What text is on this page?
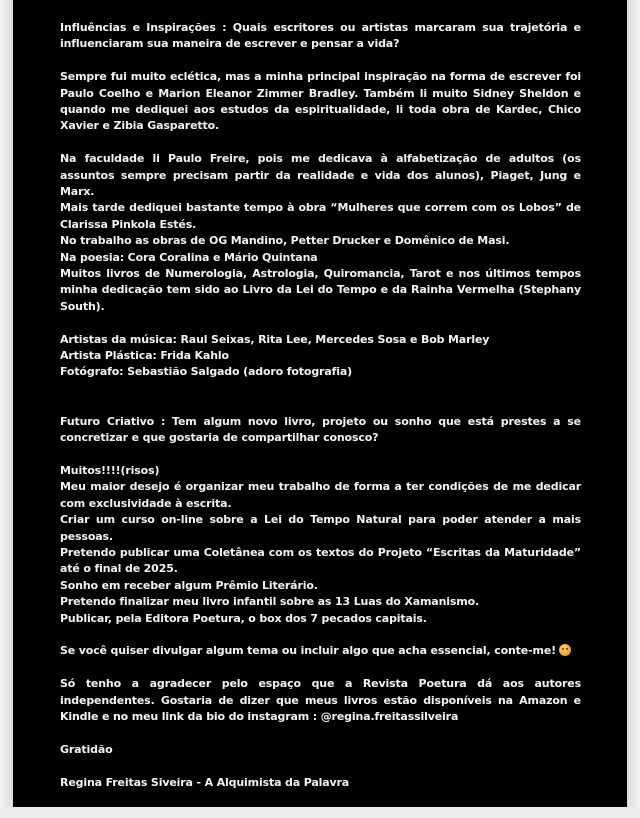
Influências e Inspirações : Quais escritores ou artistas marcaram sua trajetória e influenciaram sua maneira de escrever e pensar a vida?

Sempre fui muito eclética, mas a minha principal inspiração na forma de escrever foi Paulo Coelho e Marion Eleanor Zimmer Bradley. Também li muito Sidney Sheldon e quando me dediquei aos estudos da espiritualidade, li toda obra de Kardec, Chico Xavier e Zibia Gasparetto.

Na faculdade li Paulo Freire, pois me dedicava à alfabetização de adultos (os assuntos sempre precisam partir da realidade e vida dos alunos), Piaget, Jung e Marx.

Mais tarde dediquei bastante tempo à obra “Mulheres que correm com os Lobos” de Clarissa Pinkola Estés.

No trabalho as obras de OG Mandino, Petter Drucker e Domênico de Masi.

Na poesia: Cora Coralina e Mário Quintana

Muitos livros de Numerologia, Astrologia, Quiromancia, Tarot e nos últimos tempos minha dedicação tem sido ao Livro da Lei do Tempo e da Rainha Vermelha (Stephany South).

Artistas da música: Raul Seixas, Rita Lee, Mercedes Sosa e Bob Marley

Artista Plástica: Frida Kahlo

Fotógrafo: Sebastião Salgado (adoro fotografia)

Futuro Criativo : Tem algum novo livro, projeto ou sonho que está prestes a se concretizar e que gostaria de compartilhar conosco?

Muitos!!!!(risos)

Meu maior desejo é organizar meu trabalho de forma a ter condições de me dedicar com exclusividade à escrita.

Criar um curso on-line sobre a Lei do Tempo Natural para poder atender a mais pessoas.

Pretendo publicar uma Coletânea com os textos do Projeto “Escritas da Maturidade” até o final de 2025.

Sonho em receber algum Prêmio Literário.

Pretendo finalizar meu livro infantil sobre as 13 Luas do Xamanismo.

Publicar, pela Editora Poetura, o box dos 7 pecados capitais.

Se você quiser divulgar algum tema ou incluir algo que acha essencial, conte-me!

Só tenho a agradecer pelo espaço que a Revista Poetura dá aos autores independentes. Gostaria de dizer que meus livros estão disponíveis na Amazon e Kindle e no meu link da bio do instagram : @regina.freitassilveira

Gratidão

Regina Freitas Siveira - A Alquimista da Palavra
